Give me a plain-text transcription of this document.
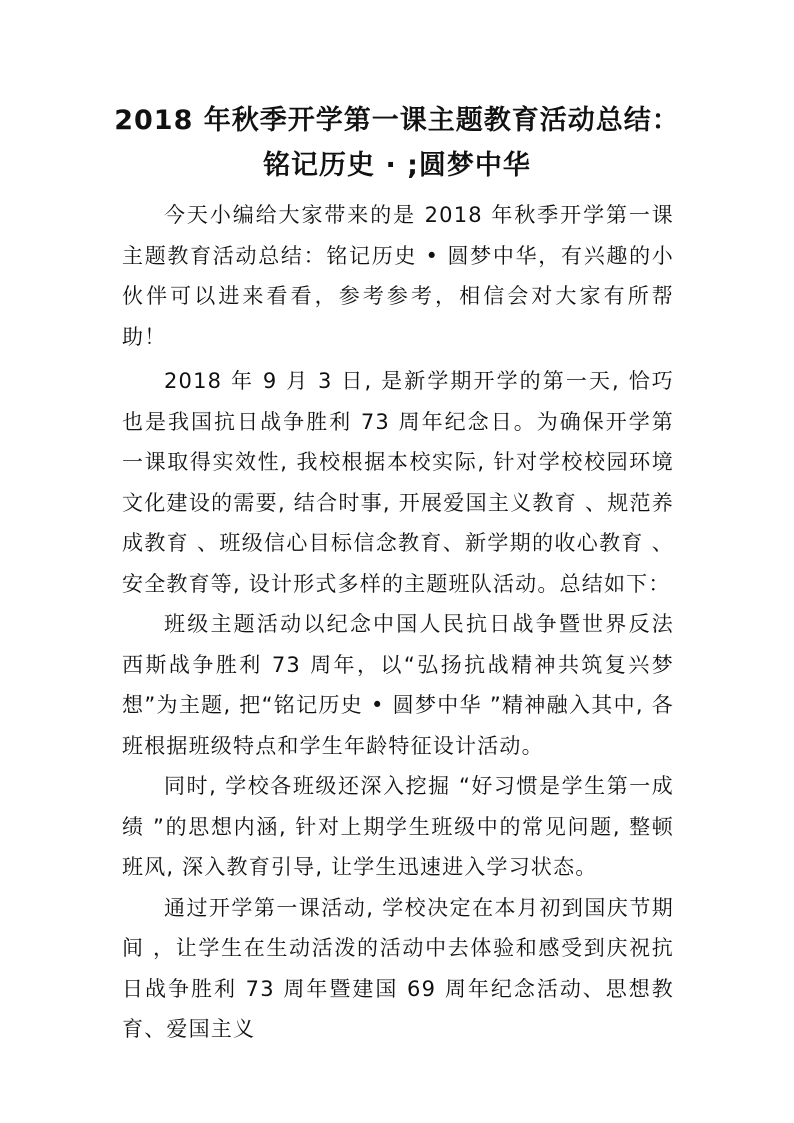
2018 年秋季开学第一课主题教育活动总结：
铭记历史 · ;圆梦中华

今天小编给大家带来的是 2018 年秋季开学第一课主题教育活动总结：铭记历史 • 圆梦中华，有兴趣的小伙伴可以进来看看，参考参考，相信会对大家有所帮助！

2018 年 9 月 3 日, 是新学期开学的第一天, 恰巧也是我国抗日战争胜利 73 周年纪念日。为确保开学第一课取得实效性, 我校根据本校实际, 针对学校校园环境文化建设的需要, 结合时事, 开展爱国主义教育 、规范养成教育 、班级信心目标信念教育、新学期的收心教育 、安全教育等, 设计形式多样的主题班队活动。总结如下：

班级主题活动以纪念中国人民抗日战争暨世界反法西斯战争胜利 73 周年，以“弘扬抗战精神共筑复兴梦想”为主题, 把“铭记历史 • 圆梦中华 ”精神融入其中, 各班根据班级特点和学生年龄特征设计活动。

同时, 学校各班级还深入挖掘 “好习惯是学生第一成绩 ”的思想内涵, 针对上期学生班级中的常见问题, 整顿班风, 深入教育引导, 让学生迅速进入学习状态。

通过开学第一课活动, 学校决定在本月初到国庆节期间 ，让学生在生动活泼的活动中去体验和感受到庆祝抗日战争胜利 73 周年暨建国 69 周年纪念活动、思想教育、爱国主义
